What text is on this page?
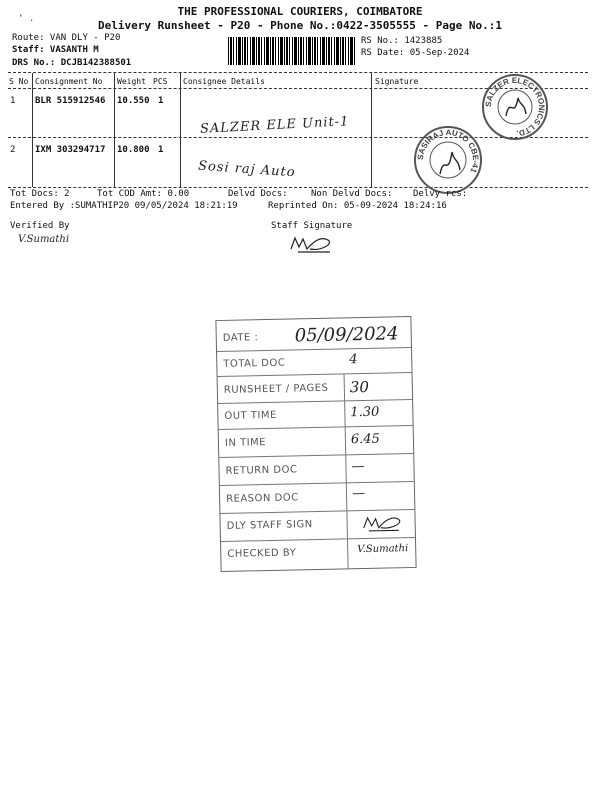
‘ .
THE PROFESSIONAL COURIERS, COIMBATORE
Delivery Runsheet - P20 - Phone No.:0422-3505555 - Page No.:1
Route: VAN DLY - P20
Staff: VASANTH M
DRS No.: DCJB142388501
RS No.: 1423885
RS Date: 05-Sep-2024
S No Consignment No Weight PCS Consignee Details	Signature
1 BLR 515912546 10.550 1
SALZER ELE Unit-1
2 IXM 303294717 10.800 1
Sosi raj Auto
SALZER ELECTRONICS LTD.
SASIRAJ AUTO CBE-41
Tot Docs: 2	Tot COD Amt: 0.00	Delvd Docs:	Non Delvd Docs: Delvy rcs:
Entered By :SUMATHIP20 09/05/2024 18:21:19	Reprinted On: 05-09-2024 18:24:16
Verified By
V.Sumathi
Staff Signature
DATE : 05/09/2024
TOTAL DOC	4
RUNSHEET / PAGES 30
OUT TIME	1.30
IN TIME	6.45
RETURN DOC	—
REASON DOC	—
DLY STAFF SIGN
CHECKED BY	V.Sumathi
